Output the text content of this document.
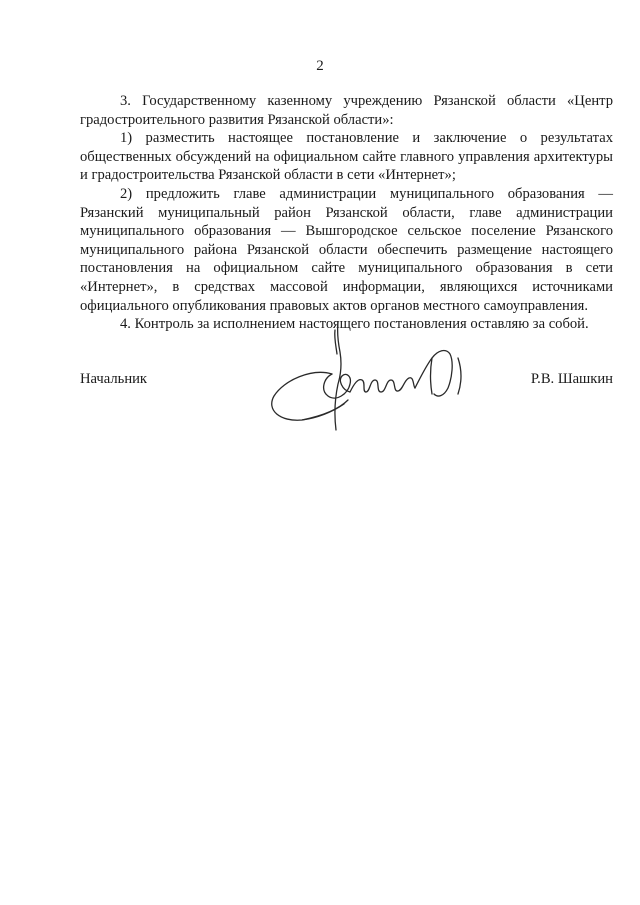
2

3. Государственному казенному учреждению Рязанской области «Центр градостроительного развития Рязанской области»:

1) разместить настоящее постановление и заключение о результатах общественных обсуждений на официальном сайте главного управления архитектуры и градостроительства Рязанской области в сети «Интернет»;

2) предложить главе администрации муниципального образования — Рязанский муниципальный район Рязанской области, главе администрации муниципального образования — Вышгородское сельское поселение Рязанского муниципального района Рязанской области обеспечить размещение настоящего постановления на официальном сайте муниципального образования в сети «Интернет», в средствах массовой информации, являющихся источниками официального опубликования правовых актов органов местного самоуправления.

4. Контроль за исполнением настоящего постановления оставляю за собой.

Начальник	Р.В. Шашкин
